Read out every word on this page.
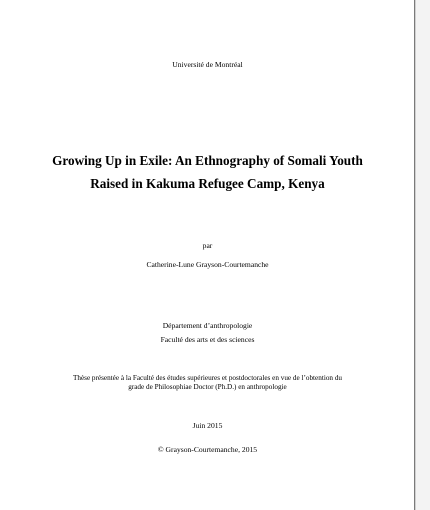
Université de Montréal
Growing Up in Exile: An Ethnography of Somali Youth
Raised in Kakuma Refugee Camp, Kenya
par
Catherine-Lune Grayson-Courtemanche
Département d’anthropologie
Faculté des arts et des sciences
Thèse présentée à la Faculté des études supérieures et postdoctorales en vue de l’obtention du
grade de Philosophiae Doctor (Ph.D.) en anthropologie
Juin 2015
© Grayson-Courtemanche, 2015
